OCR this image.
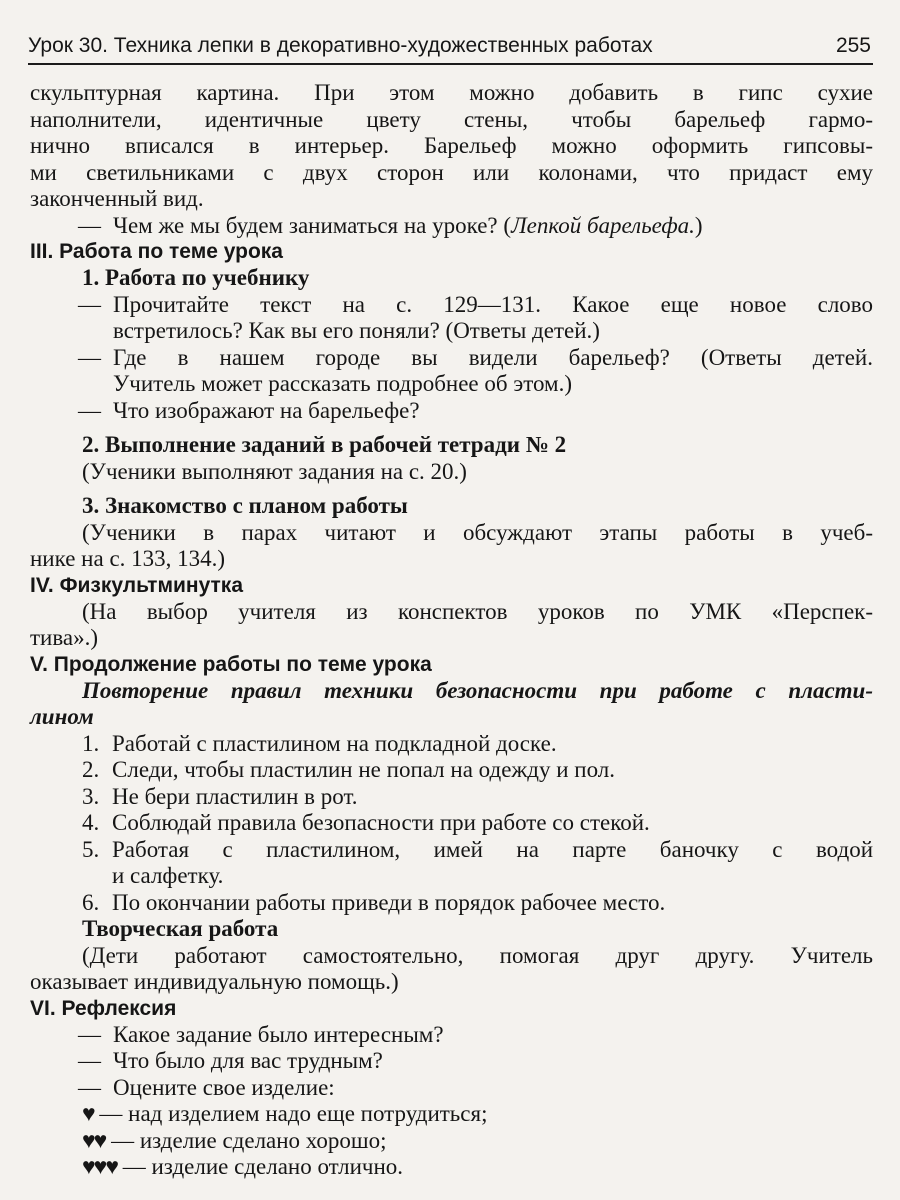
Урок 30. Техника лепки в декоративно-художественных работах	255

скульптурная картина. При этом можно добавить в гипс сухие

наполнители, идентичные цвету стены, чтобы барельеф гармо-

нично вписался в интерьер. Барельеф можно оформить гипсовы-

ми светильниками с двух сторон или колонами, что придаст ему

законченный вид.

— Чем же мы будем заниматься на уроке? (Лепкой барельефа.)

III. Работа по теме урока

1. Работа по учебнику

— Прочитайте текст на с. 129—131. Какое еще новое слово

встретилось? Как вы его поняли? (Ответы детей.)

— Где в нашем городе вы видели барельеф? (Ответы детей.

Учитель может рассказать подробнее об этом.)

— Что изображают на барельефе?

2. Выполнение заданий в рабочей тетради № 2

(Ученики выполняют задания на с. 20.)

3. Знакомство с планом работы

(Ученики в парах читают и обсуждают этапы работы в учеб-

нике на с. 133, 134.)

IV. Физкультминутка

(На выбор учителя из конспектов уроков по УМК «Перспек-

тива».)

V. Продолжение работы по теме урока

Повторение правил техники безопасности при работе с пласти-

лином

1. Работай с пластилином на подкладной доске.

2. Следи, чтобы пластилин не попал на одежду и пол.

3. Не бери пластилин в рот.

4. Соблюдай правила безопасности при работе со стекой.

5. Работая с пластилином, имей на парте баночку с водой

и салфетку.

6. По окончании работы приведи в порядок рабочее место.

Творческая работа

(Дети работают самостоятельно, помогая друг другу. Учитель

оказывает индивидуальную помощь.)

VI. Рефлексия

— Какое задание было интересным?
— Что было для вас трудным?
— Оцените свое изделие:

♥ — над изделием надо еще потрудиться;

♥♥ — изделие сделано хорошо;

♥♥♥ — изделие сделано отлично.
